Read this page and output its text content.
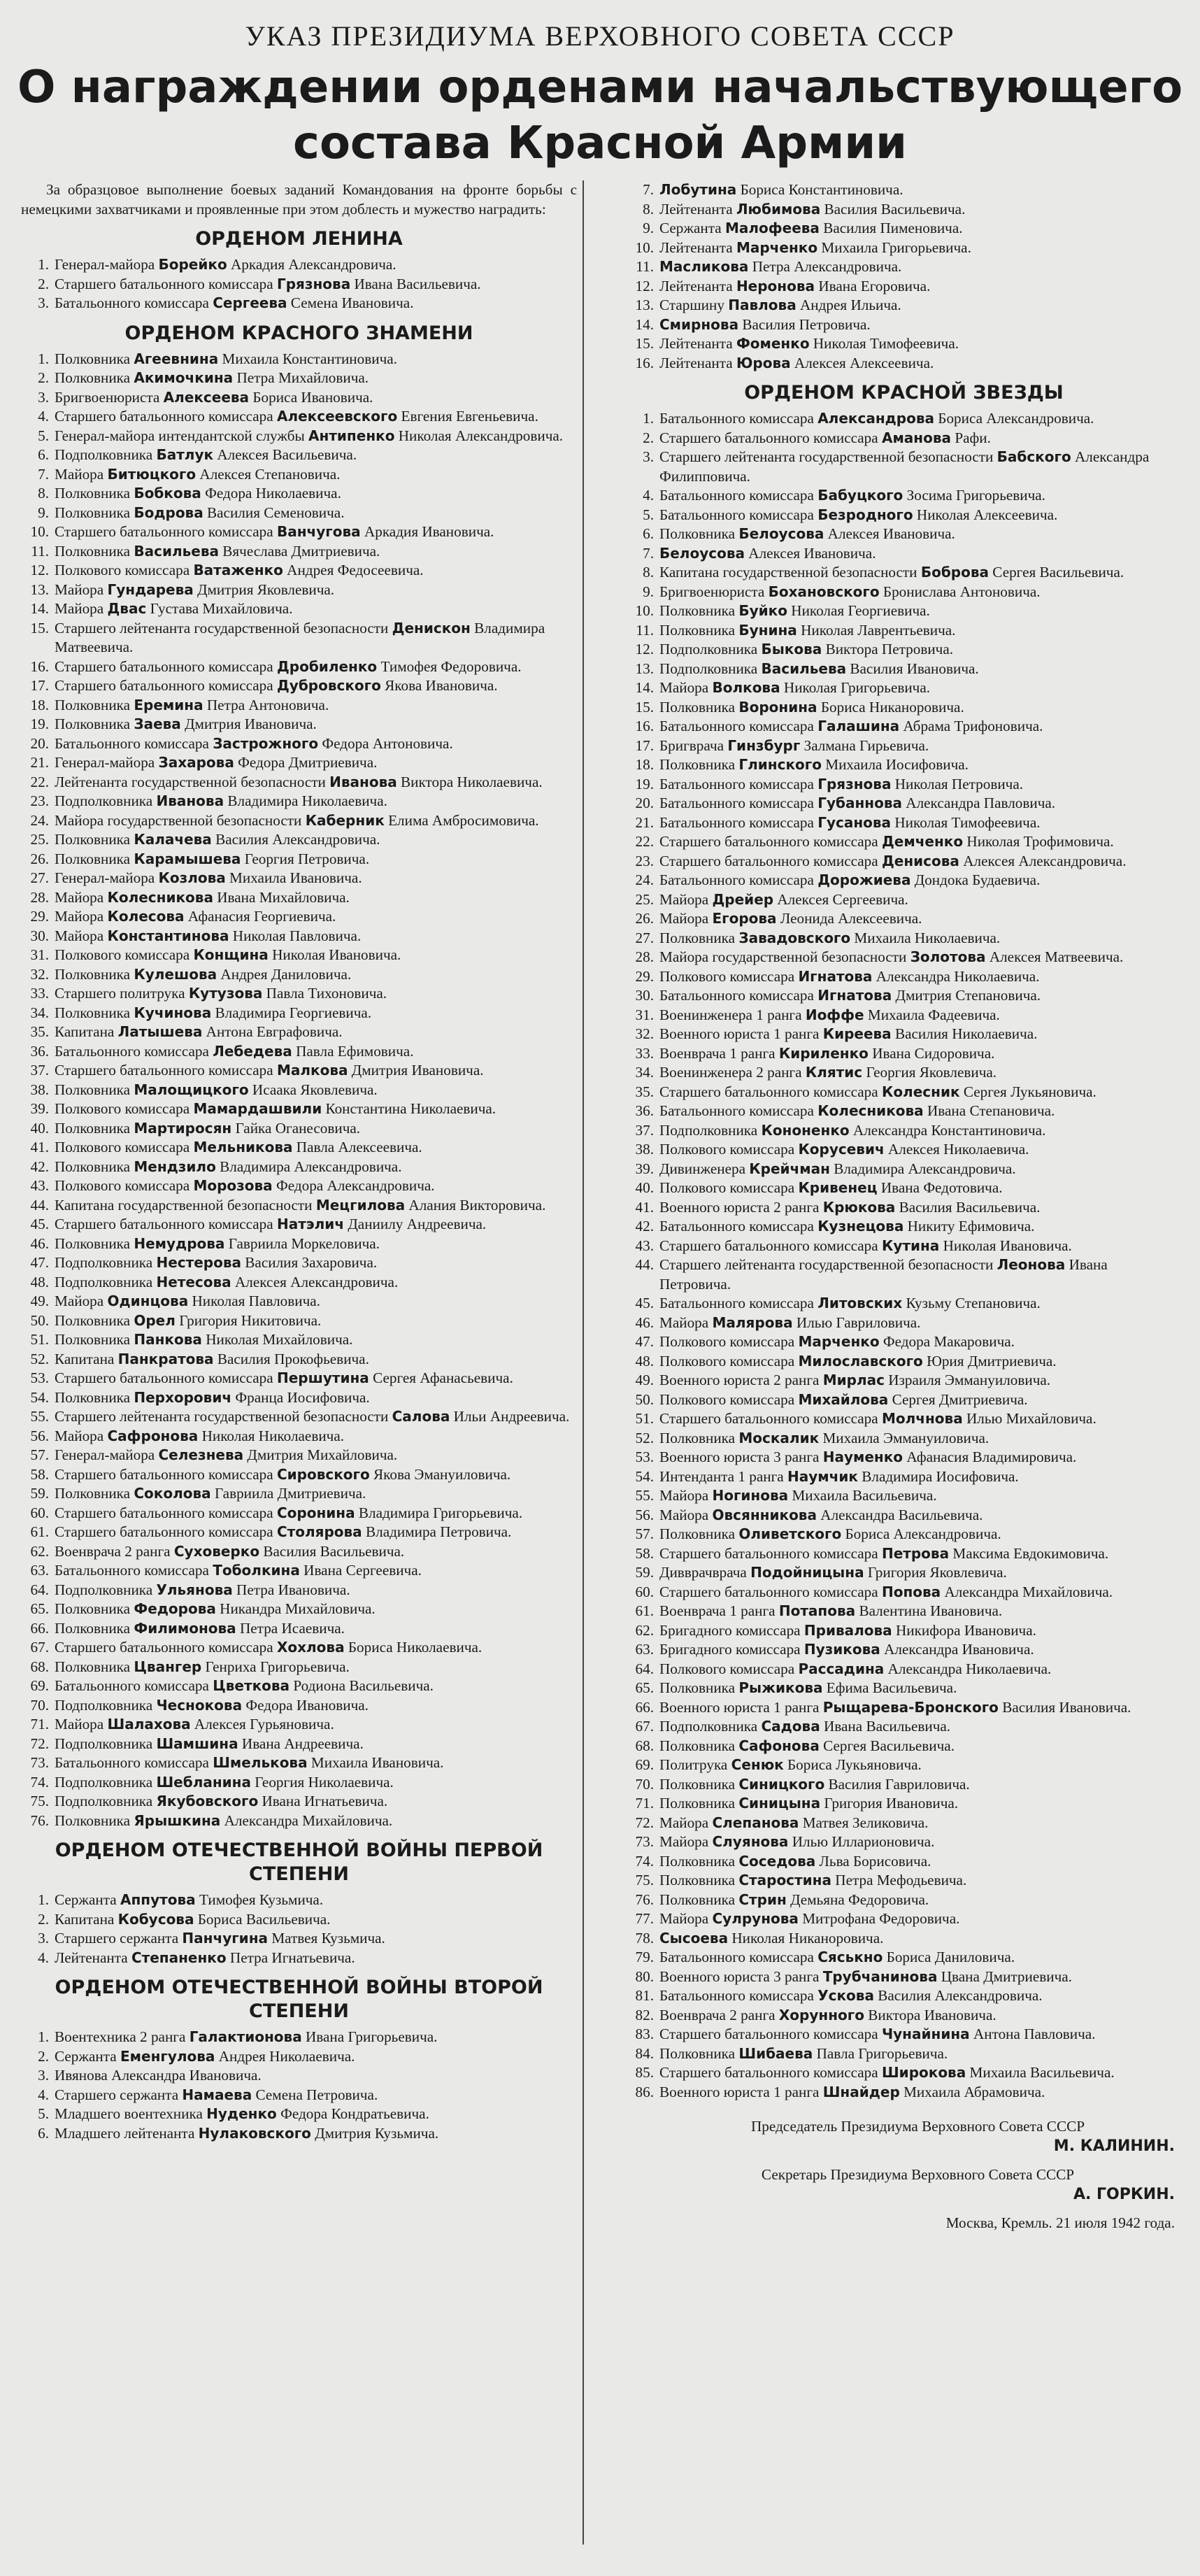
УКАЗ ПРЕЗИДИУМА ВЕРХОВНОГО СОВЕТА СССР
О награждении орденами начальствующего
состава Красной Армии

За образцовое выполнение боевых заданий Командования на фронте борьбы с немецкими захватчиками и проявленные при этом доблесть и мужество наградить:

ОРДЕНОМ ЛЕНИНА
1. Генерал-майора Борейко Аркадия Александровича.
2. Старшего батальонного комиссара Грязнова Ивана Васильевича.
3. Батальонного комиссара Сергеева Семена Ивановича.
ОРДЕНОМ КРАСНОГО ЗНАМЕНИ
1. Полковника Агеевнина Михаила Константиновича.
2. Полковника Акимочкина Петра Михайловича.
3. Бригвоенюриста Алексеева Бориса Ивановича.
4. Старшего батальонного комиссара Алексеевского Евгения Евгеньевича.
5. Генерал-майора интендантской службы Антипенко Николая Александровича.
6. Подполковника Батлук Алексея Васильевича.
7. Майора Битюцкого Алексея Степановича.
8. Полковника Бобкова Федора Николаевича.
9. Полковника Бодрова Василия Семеновича.
10. Старшего батальонного комиссара Ванчугова Аркадия Ивановича.
11. Полковника Васильева Вячеслава Дмитриевича.
12. Полкового комиссара Ватаженко Андрея Федосеевича.
13. Майора Гундарева Дмитрия Яковлевича.
14. Майора Двас Густава Михайловича.
15. Старшего лейтенанта государственной безопасности Денискон Владимира Матвеевича.
16. Старшего батальонного комиссара Дробиленко Тимофея Федоровича.
17. Старшего батальонного комиссара Дубровского Якова Ивановича.
18. Полковника Еремина Петра Антоновича.
19. Полковника Заева Дмитрия Ивановича.
20. Батальонного комиссара Застрожного Федора Антоновича.
21. Генерал-майора Захарова Федора Дмитриевича.
22. Лейтенанта государственной безопасности Иванова Виктора Николаевича.
23. Подполковника Иванова Владимира Николаевича.
24. Майора государственной безопасности Каберник Елима Амбросимовича.
25. Полковника Калачева Василия Александровича.
26. Полковника Карамышева Георгия Петровича.
27. Генерал-майора Козлова Михаила Ивановича.
28. Майора Колесникова Ивана Михайловича.
29. Майора Колесова Афанасия Георгиевича.
30. Майора Константинова Николая Павловича.
31. Полкового комиссара Конщина Николая Ивановича.
32. Полковника Кулешова Андрея Даниловича.
33. Старшего политрука Кутузова Павла Тихоновича.
34. Полковника Кучинова Владимира Георгиевича.
35. Капитана Латышева Антона Евграфовича.
36. Батальонного комиссара Лебедева Павла Ефимовича.
37. Старшего батальонного комиссара Малкова Дмитрия Ивановича.
38. Полковника Малощицкого Исаака Яковлевича.
39. Полкового комиссара Мамардашвили Константина Николаевича.
40. Полковника Мартиросян Гайка Оганесовича.
41. Полкового комиссара Мельникова Павла Алексеевича.
42. Полковника Мендзило Владимира Александровича.
43. Полкового комиссара Морозова Федора Александровича.
44. Капитана государственной безопасности Мецгилова Алания Викторовича.
45. Старшего батальонного комиссара Натэлич Даниилу Андреевича.
46. Полковника Немудрова Гавриила Моркеловича.
47. Подполковника Нестерова Василия Захаровича.
48. Подполковника Нетесова Алексея Александровича.
49. Майора Одинцова Николая Павловича.
50. Полковника Орел Григория Никитовича.
51. Полковника Панкова Николая Михайловича.
52. Капитана Панкратова Василия Прокофьевича.
53. Старшего батальонного комиссара Першутина Сергея Афанасьевича.
54. Полковника Перхорович Франца Иосифовича.
55. Старшего лейтенанта государственной безопасности Салова Ильи Андреевича.
56. Майора Сафронова Николая Николаевича.
57. Генерал-майора Селезнева Дмитрия Михайловича.
58. Старшего батальонного комиссара Сировского Якова Эмануиловича.
59. Полковника Соколова Гавриила Дмитриевича.
60. Старшего батальонного комиссара Соронина Владимира Григорьевича.
61. Старшего батальонного комиссара Столярова Владимира Петровича.
62. Военврача 2 ранга Суховерко Василия Васильевича.
63. Батальонного комиссара Тоболкина Ивана Сергеевича.
64. Подполковника Ульянова Петра Ивановича.
65. Полковника Федорова Никандра Михайловича.
66. Полковника Филимонова Петра Исаевича.
67. Старшего батальонного комиссара Хохлова Бориса Николаевича.
68. Полковника Цвангер Генриха Григорьевича.
69. Батальонного комиссара Цветкова Родиона Васильевича.
70. Подполковника Чеснокова Федора Ивановича.
71. Майора Шалахова Алексея Гурьяновича.
72. Подполковника Шамшина Ивана Андреевича.
73. Батальонного комиссара Шмелькова Михаила Ивановича.
74. Подполковника Шебланина Георгия Николаевича.
75. Подполковника Якубовского Ивана Игнатьевича.
76. Полковника Ярышкина Александра Михайловича.
ОРДЕНОМ ОТЕЧЕСТВЕННОЙ ВОЙНЫ ПЕРВОЙ СТЕПЕНИ
1. Сержанта Аппутова Тимофея Кузьмича.
2. Капитана Кобусова Бориса Васильевича.
3. Старшего сержанта Панчугина Матвея Кузьмича.
4. Лейтенанта Степаненко Петра Игнатьевича.
ОРДЕНОМ ОТЕЧЕСТВЕННОЙ ВОЙНЫ ВТОРОЙ СТЕПЕНИ
1. Воентехника 2 ранга Галактионова Ивана Григорьевича.
2. Сержанта Еменгулова Андрея Николаевича.
3. Ивянова Александра Ивановича.
4. Старшего сержанта Намаева Семена Петровича.
5. Младшего воентехника Нуденко Федора Кондратьевича.
6. Младшего лейтенанта Нулаковского Дмитрия Кузьмича.
7. Лобутина Бориса Константиновича.
8. Лейтенанта Любимова Василия Васильевича.
9. Сержанта Малофеева Василия Пименовича.
10. Лейтенанта Марченко Михаила Григорьевича.
11. Масликова Петра Александровича.
12. Лейтенанта Неронова Ивана Егоровича.
13. Старшину Павлова Андрея Ильича.
14. Смирнова Василия Петровича.
15. Лейтенанта Фоменко Николая Тимофеевича.
16. Лейтенанта Юрова Алексея Алексеевича.
ОРДЕНОМ КРАСНОЙ ЗВЕЗДЫ
1. Батальонного комиссара Александрова Бориса Александровича.
2. Старшего батальонного комиссара Аманова Рафи.
3. Старшего лейтенанта государственной безопасности Бабского Александра Филипповича.
4. Батальонного комиссара Бабуцкого Зосима Григорьевича.
5. Батальонного комиссара Безродного Николая Алексеевича.
6. Полковника Белоусова Алексея Ивановича.
7. Белоусова Алексея Ивановича.
8. Капитана государственной безопасности Боброва Сергея Васильевича.
9. Бригвоенюриста Бохановского Бронислава Антоновича.
10. Полковника Буйко Николая Георгиевича.
11. Полковника Бунина Николая Лаврентьевича.
12. Подполковника Быкова Виктора Петровича.
13. Подполковника Васильева Василия Ивановича.
14. Майора Волкова Николая Григорьевича.
15. Полковника Воронина Бориса Никаноровича.
16. Батальонного комиссара Галашина Абрама Трифоновича.
17. Бригврача Гинзбург Залмана Гирьевича.
18. Полковника Глинского Михаила Иосифовича.
19. Батальонного комиссара Грязнова Николая Петровича.
20. Батальонного комиссара Губаннова Александра Павловича.
21. Батальонного комиссара Гусанова Николая Тимофеевича.
22. Старшего батальонного комиссара Демченко Николая Трофимовича.
23. Старшего батальонного комиссара Денисова Алексея Александровича.
24. Батальонного комиссара Дорожиева Дондока Будаевича.
25. Майора Дрейер Алексея Сергеевича.
26. Майора Егорова Леонида Алексеевича.
27. Полковника Завадовского Михаила Николаевича.
28. Майора государственной безопасности Золотова Алексея Матвеевича.
29. Полкового комиссара Игнатова Александра Николаевича.
30. Батальонного комиссара Игнатова Дмитрия Степановича.
31. Военинженера 1 ранга Иоффе Михаила Фадеевича.
32. Военного юриста 1 ранга Киреева Василия Николаевича.
33. Военврача 1 ранга Кириленко Ивана Сидоровича.
34. Военинженера 2 ранга Клятис Георгия Яковлевича.
35. Старшего батальонного комиссара Колесник Сергея Лукьяновича.
36. Батальонного комиссара Колесникова Ивана Степановича.
37. Подполковника Кононенко Александра Константиновича.
38. Полкового комиссара Корусевич Алексея Николаевича.
39. Дивинженера Крейчман Владимира Александровича.
40. Полкового комиссара Кривенец Ивана Федотовича.
41. Военного юриста 2 ранга Крюкова Василия Васильевича.
42. Батальонного комиссара Кузнецова Никиту Ефимовича.
43. Старшего батальонного комиссара Кутина Николая Ивановича.
44. Старшего лейтенанта государственной безопасности Леонова Ивана Петровича.
45. Батальонного комиссара Литовских Кузьму Степановича.
46. Майора Малярова Илью Гавриловича.
47. Полкового комиссара Марченко Федора Макаровича.
48. Полкового комиссара Милославского Юрия Дмитриевича.
49. Военного юриста 2 ранга Мирлас Израиля Эммануиловича.
50. Полкового комиссара Михайлова Сергея Дмитриевича.
51. Старшего батальонного комиссара Молчнова Илью Михайловича.
52. Полковника Москалик Михаила Эммануиловича.
53. Военного юриста 3 ранга Науменко Афанасия Владимировича.
54. Интенданта 1 ранга Наумчик Владимира Иосифовича.
55. Майора Ногинова Михаила Васильевича.
56. Майора Овсянникова Александра Васильевича.
57. Полковника Оливетского Бориса Александровича.
58. Старшего батальонного комиссара Петрова Максима Евдокимовича.
59. Дивврачврача Подойницына Григория Яковлевича.
60. Старшего батальонного комиссара Попова Александра Михайловича.
61. Военврача 1 ранга Потапова Валентина Ивановича.
62. Бригадного комиссара Привалова Никифора Ивановича.
63. Бригадного комиссара Пузикова Александра Ивановича.
64. Полкового комиссара Рассадина Александра Николаевича.
65. Полковника Рыжикова Ефима Васильевича.
66. Военного юриста 1 ранга Рыщарева-Бронского Василия Ивановича.
67. Подполковника Садова Ивана Васильевича.
68. Полковника Сафонова Сергея Васильевича.
69. Политрука Сенюк Бориса Лукьяновича.
70. Полковника Синицкого Василия Гавриловича.
71. Полковника Синицына Григория Ивановича.
72. Майора Слепанова Матвея Зеликовича.
73. Майора Слуянова Илью Илларионовича.
74. Полковника Соседова Льва Борисовича.
75. Полковника Старостина Петра Мефодьевича.
76. Полковника Стрин Демьяна Федоровича.
77. Майора Сулрунова Митрофана Федоровича.
78. Сысоева Николая Никаноровича.
79. Батальонного комиссара Сяськно Бориса Даниловича.
80. Военного юриста 3 ранга Трубчанинова Цвана Дмитриевича.
81. Батальонного комиссара Ускова Василия Александровича.
82. Военврача 2 ранга Хорунного Виктора Ивановича.
83. Старшего батальонного комиссара Чунайнина Антона Павловича.
84. Полковника Шибаева Павла Григорьевича.
85. Старшего батальонного комиссара Широкова Михаила Васильевича.
86. Военного юриста 1 ранга Шнайдер Михаила Абрамовича.

Председатель Президиума Верховного Совета СССР

М. КАЛИНИН.

Секретарь Президиума Верховного Совета СССР

А. ГОРКИН.

Москва, Кремль. 21 июля 1942 года.
